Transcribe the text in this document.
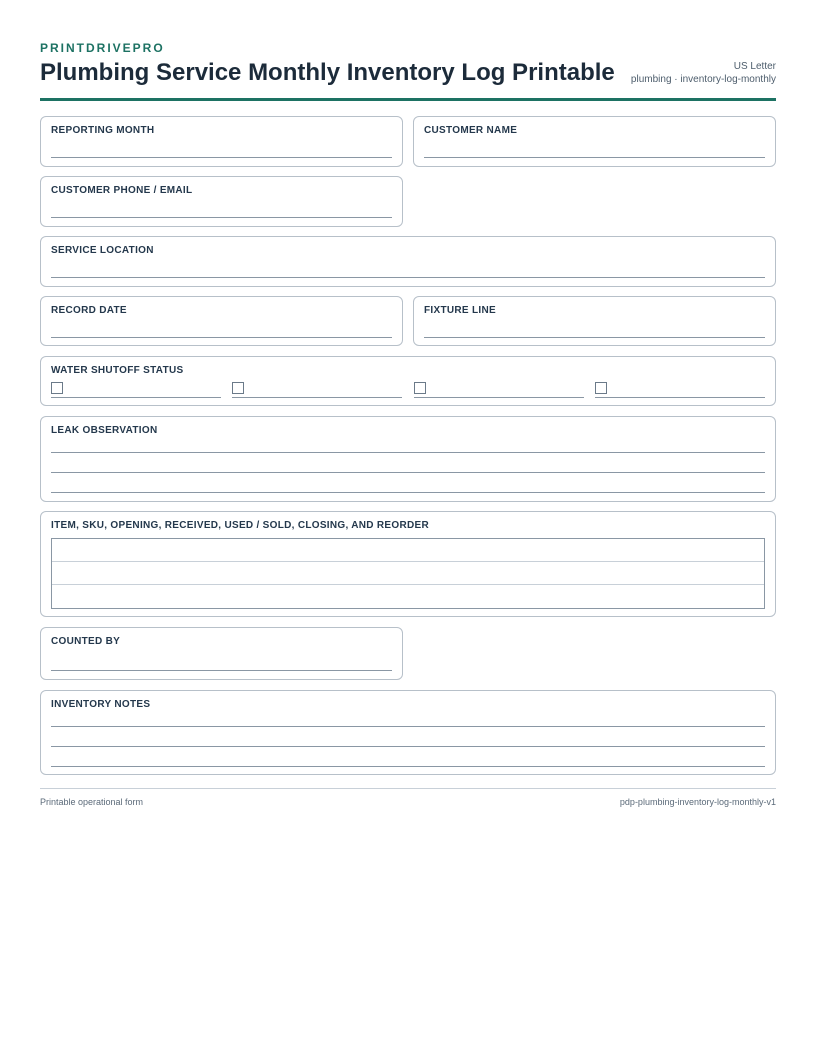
PRINTDRIVEPRO
Plumbing Service Monthly Inventory Log Printable	US Letter
plumbing · inventory-log-monthly
REPORTING MONTH	CUSTOMER NAME
CUSTOMER PHONE / EMAIL
SERVICE LOCATION
RECORD DATE	FIXTURE LINE
WATER SHUTOFF STATUS
LEAK OBSERVATION
ITEM, SKU, OPENING, RECEIVED, USED / SOLD, CLOSING, AND REORDER
COUNTED BY
INVENTORY NOTES
Printable operational form	pdp-plumbing-inventory-log-monthly-v1
